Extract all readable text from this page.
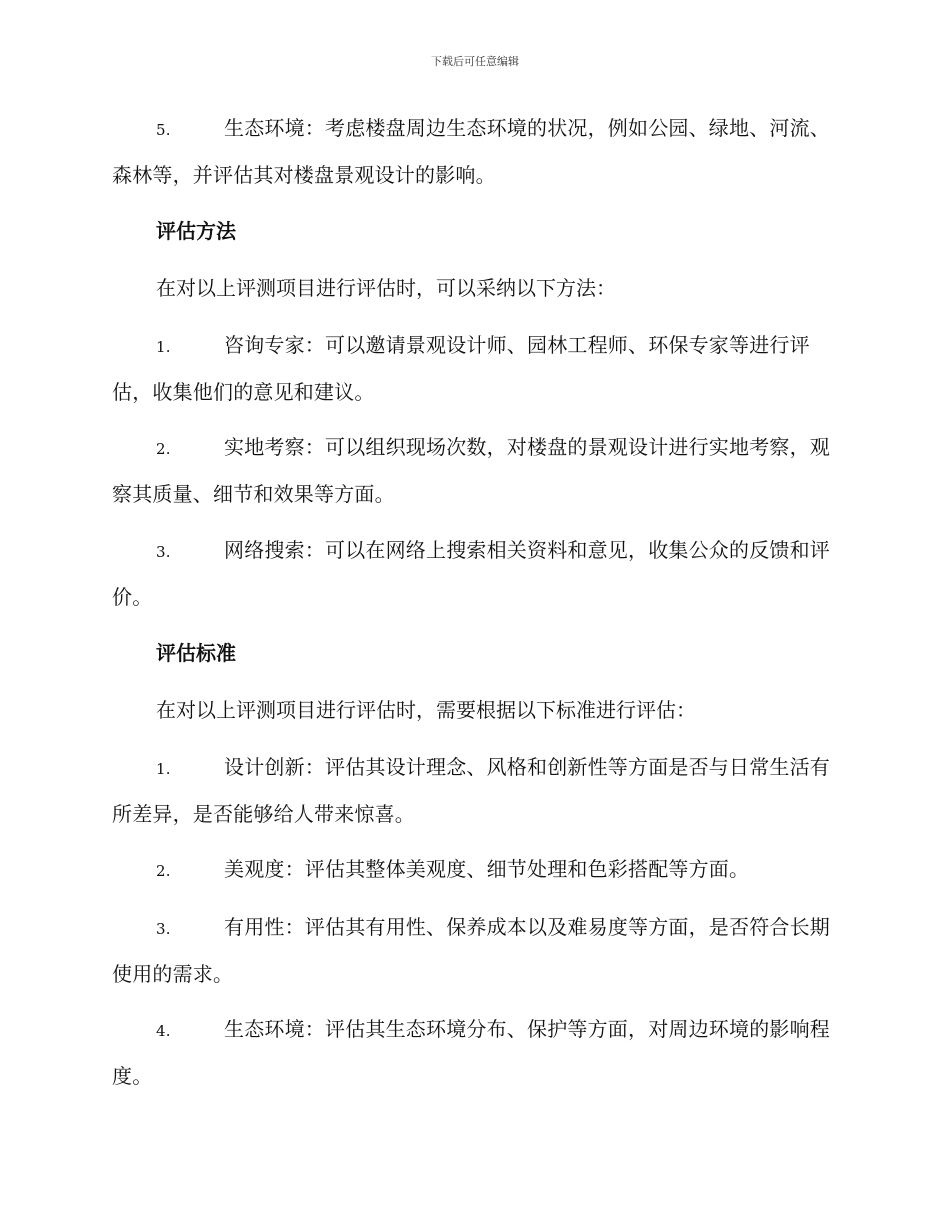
下载后可任意编辑
5.	生态环境：考虑楼盘周边生态环境的状况，例如公园、绿地、河流、森林等，并评估其对楼盘景观设计的影响。
评估方法
在对以上评测项目进行评估时，可以采纳以下方法：
1.	咨询专家：可以邀请景观设计师、园林工程师、环保专家等进行评估，收集他们的意见和建议。
2.	实地考察：可以组织现场次数，对楼盘的景观设计进行实地考察，观察其质量、细节和效果等方面。
3.	网络搜索：可以在网络上搜索相关资料和意见，收集公众的反馈和评价。
评估标准
在对以上评测项目进行评估时，需要根据以下标准进行评估：
1.	设计创新：评估其设计理念、风格和创新性等方面是否与日常生活有所差异，是否能够给人带来惊喜。
2.	美观度：评估其整体美观度、细节处理和色彩搭配等方面。
3.	有用性：评估其有用性、保养成本以及难易度等方面，是否符合长期使用的需求。
4.	生态环境：评估其生态环境分布、保护等方面，对周边环境的影响程度。
